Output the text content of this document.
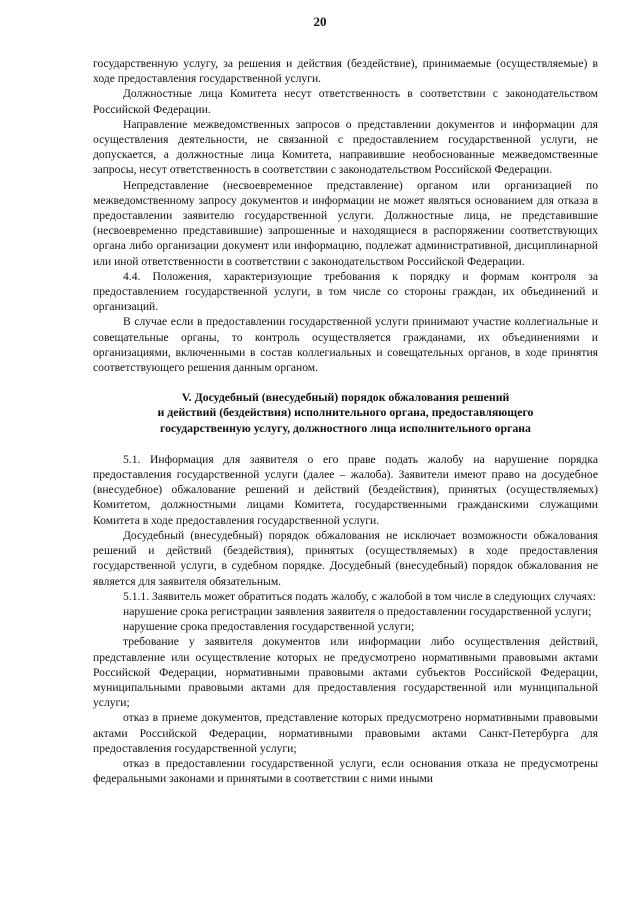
20

государственную услугу, за решения и действия (бездействие), принимаемые (осуществляемые) в ходе предоставления государственной услуги.

Должностные лица Комитета несут ответственность в соответствии с законодательством Российской Федерации.

Направление межведомственных запросов о представлении документов и информации для осуществления деятельности, не связанной с предоставлением государственной услуги, не допускается, а должностные лица Комитета, направившие необоснованные межведомственные запросы, несут ответственность в соответствии с законодательством Российской Федерации.

Непредставление (несвоевременное представление) органом или организацией по межведомственному запросу документов и информации не может являться основанием для отказа в предоставлении заявителю государственной услуги. Должностные лица, не представившие (несвоевременно представившие) запрошенные и находящиеся в распоряжении соответствующих органа либо организации документ или информацию, подлежат административной, дисциплинарной или иной ответственности в соответствии с законодательством Российской Федерации.

4.4. Положения, характеризующие требования к порядку и формам контроля за предоставлением государственной услуги, в том числе со стороны граждан, их объединений и организаций.

В случае если в предоставлении государственной услуги принимают участие коллегиальные и совещательные органы, то контроль осуществляется гражданами, их объединениями и организациями, включенными в состав коллегиальных и совещательных органов, в ходе принятия соответствующего решения данным органом.

V. Досудебный (внесудебный) порядок обжалования решений
и действий (бездействия) исполнительного органа, предоставляющего
государственную услугу, должностного лица исполнительного органа

5.1. Информация для заявителя о его праве подать жалобу на нарушение порядка предоставления государственной услуги (далее – жалоба). Заявители имеют право на досудебное (внесудебное) обжалование решений и действий (бездействия), принятых (осуществляемых) Комитетом, должностными лицами Комитета, государственными гражданскими служащими Комитета в ходе предоставления государственной услуги.

Досудебный (внесудебный) порядок обжалования не исключает возможности обжалования решений и действий (бездействия), принятых (осуществляемых) в ходе предоставления государственной услуги, в судебном порядке. Досудебный (внесудебный) порядок обжалования не является для заявителя обязательным.

5.1.1. Заявитель может обратиться подать жалобу, с жалобой в том числе в следующих случаях:

нарушение срока регистрации заявления заявителя о предоставлении государственной услуги;

нарушение срока предоставления государственной услуги;

требование у заявителя документов или информации либо осуществления действий, представление или осуществление которых не предусмотрено нормативными правовыми актами Российской Федерации, нормативными правовыми актами субъектов Российской Федерации, муниципальными правовыми актами для предоставления государственной или муниципальной услуги;

отказ в приеме документов, представление которых предусмотрено нормативными правовыми актами Российской Федерации, нормативными правовыми актами Санкт-Петербурга для предоставления государственной услуги;

отказ в предоставлении государственной услуги, если основания отказа не предусмотрены федеральными законами и принятыми в соответствии с ними иными
